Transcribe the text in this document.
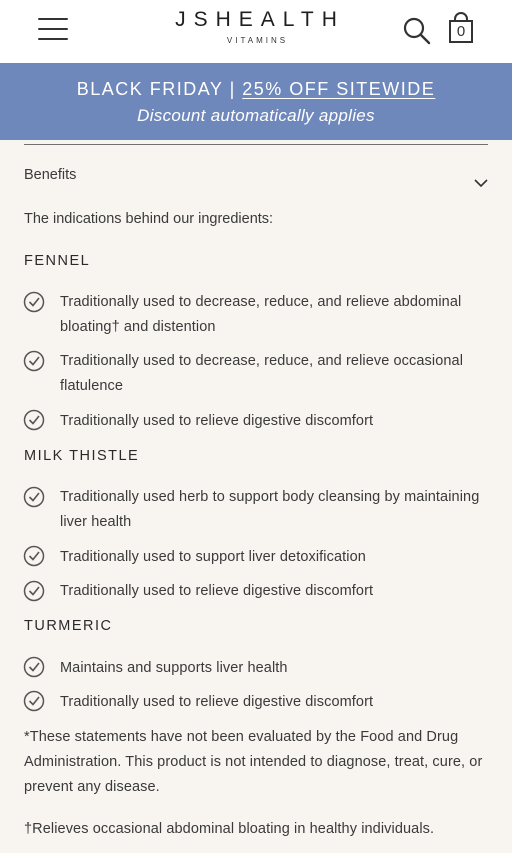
JSHEALTH
VITAMINS
0
BLACK FRIDAY | 25% OFF SITEWIDE
Discount automatically applies
Benefits
The indications behind our ingredients:
FENNEL
Traditionally used to decrease, reduce, and relieve abdominal bloating† and distention
Traditionally used to decrease, reduce, and relieve occasional flatulence
Traditionally used to relieve digestive discomfort
MILK THISTLE
Traditionally used herb to support body cleansing by maintaining liver health
Traditionally used to support liver detoxification
Traditionally used to relieve digestive discomfort
TURMERIC
Maintains and supports liver health
Traditionally used to relieve digestive discomfort
*These statements have not been evaluated by the Food and Drug Administration. This product is not intended to diagnose, treat, cure, or prevent any disease.
†Relieves occasional abdominal bloating in healthy individuals.
